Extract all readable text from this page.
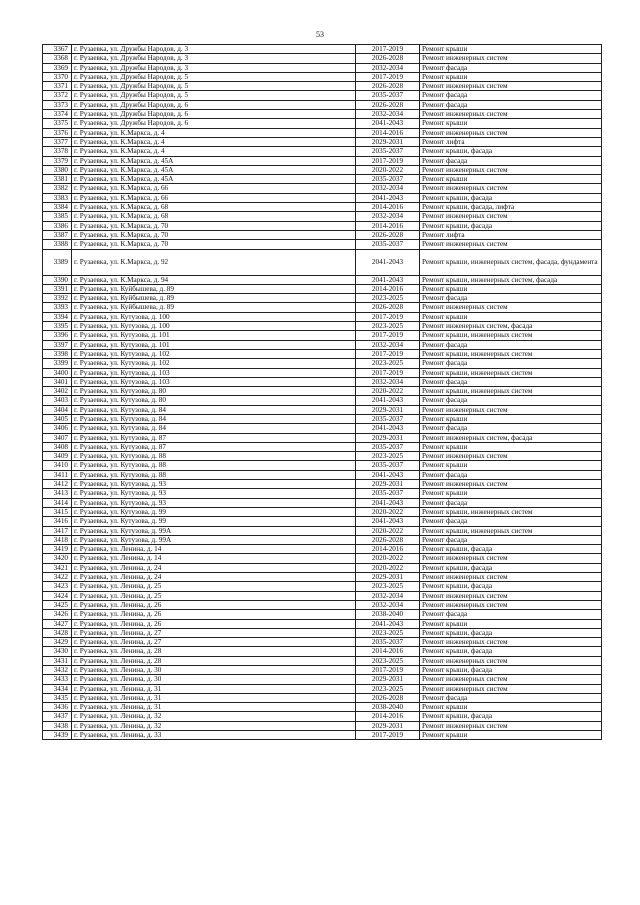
53
3367	г. Рузаевка, ул. Дружбы Народов, д. 3	2017-2019	Ремонт крыши
3368	г. Рузаевка, ул. Дружбы Народов, д. 3	2026-2028	Ремонт инженерных систем
3369	г. Рузаевка, ул. Дружбы Народов, д. 3	2032-2034	Ремонт фасада
3370	г. Рузаевка, ул. Дружбы Народов, д. 5	2017-2019	Ремонт крыши
3371	г. Рузаевка, ул. Дружбы Народов, д. 5	2026-2028	Ремонт инженерных систем
3372	г. Рузаевка, ул. Дружбы Народов, д. 5	2035-2037	Ремонт фасада
3373	г. Рузаевка, ул. Дружбы Народов, д. 6	2026-2028	Ремонт фасада
3374	г. Рузаевка, ул. Дружбы Народов, д. 6	2032-2034	Ремонт инженерных систем
3375	г. Рузаевка, ул. Дружбы Народов, д. 6	2041-2043	Ремонт крыши
3376	г. Рузаевка, ул. К.Маркса, д. 4	2014-2016	Ремонт инженерных систем
3377	г. Рузаевка, ул. К.Маркса, д. 4	2029-2031	Ремонт лифта
3378	г. Рузаевка, ул. К.Маркса, д. 4	2035-2037	Ремонт крыши, фасада
3379	г. Рузаевка, ул. К.Маркса, д. 45А	2017-2019	Ремонт фасада
3380	г. Рузаевка, ул. К.Маркса, д. 45А	2020-2022	Ремонт инженерных систем
3381	г. Рузаевка, ул. К.Маркса, д. 45А	2035-2037	Ремонт крыши
3382	г. Рузаевка, ул. К.Маркса, д. 66	2032-2034	Ремонт инженерных систем
3383	г. Рузаевка, ул. К.Маркса, д. 66	2041-2043	Ремонт крыши, фасада
3384	г. Рузаевка, ул. К.Маркса, д. 68	2014-2016	Ремонт крыши, фасада, лифта
3385	г. Рузаевка, ул. К.Маркса, д. 68	2032-2034	Ремонт инженерных систем
3386	г. Рузаевка, ул. К.Маркса, д. 70	2014-2016	Ремонт крыши, фасада
3387	г. Рузаевка, ул. К.Маркса, д. 70	2026-2028	Ремонт лифта
3388	г. Рузаевка, ул. К.Маркса, д. 70	2035-2037	Ремонт инженерных систем
3389	г. Рузаевка, ул. К.Маркса, д. 92	2041-2043	Ремонт крыши, инженерных систем, фасада, фундамента
3390	г. Рузаевка, ул. К.Маркса, д. 94	2041-2043	Ремонт крыши, инженерных систем, фасада
3391	г. Рузаевка, ул. Куйбышева, д. 89	2014-2016	Ремонт крыши
3392	г. Рузаевка, ул. Куйбышева, д. 89	2023-2025	Ремонт фасада
3393	г. Рузаевка, ул. Куйбышева, д. 89	2026-2028	Ремонт инженерных систем
3394	г. Рузаевка, ул. Кутузова, д. 100	2017-2019	Ремонт крыши
3395	г. Рузаевка, ул. Кутузова, д. 100	2023-2025	Ремонт инженерных систем, фасада
3396	г. Рузаевка, ул. Кутузова, д. 101	2017-2019	Ремонт крыши, инженерных систем
3397	г. Рузаевка, ул. Кутузова, д. 101	2032-2034	Ремонт фасада
3398	г. Рузаевка, ул. Кутузова, д. 102	2017-2019	Ремонт крыши, инженерных систем
3399	г. Рузаевка, ул. Кутузова, д. 102	2023-2025	Ремонт фасада
3400	г. Рузаевка, ул. Кутузова, д. 103	2017-2019	Ремонт крыши, инженерных систем
3401	г. Рузаевка, ул. Кутузова, д. 103	2032-2034	Ремонт фасада
3402	г. Рузаевка, ул. Кутузова, д. 80	2020-2022	Ремонт крыши, инженерных систем
3403	г. Рузаевка, ул. Кутузова, д. 80	2041-2043	Ремонт фасада
3404	г. Рузаевка, ул. Кутузова, д. 84	2029-2031	Ремонт инженерных систем
3405	г. Рузаевка, ул. Кутузова, д. 84	2035-2037	Ремонт крыши
3406	г. Рузаевка, ул. Кутузова, д. 84	2041-2043	Ремонт фасада
3407	г. Рузаевка, ул. Кутузова, д. 87	2029-2031	Ремонт инженерных систем, фасада
3408	г. Рузаевка, ул. Кутузова, д. 87	2035-2037	Ремонт крыши
3409	г. Рузаевка, ул. Кутузова, д. 88	2023-2025	Ремонт инженерных систем
3410	г. Рузаевка, ул. Кутузова, д. 88	2035-2037	Ремонт крыши
3411	г. Рузаевка, ул. Кутузова, д. 88	2041-2043	Ремонт фасада
3412	г. Рузаевка, ул. Кутузова, д. 93	2029-2031	Ремонт инженерных систем
3413	г. Рузаевка, ул. Кутузова, д. 93	2035-2037	Ремонт крыши
3414	г. Рузаевка, ул. Кутузова, д. 93	2041-2043	Ремонт фасада
3415	г. Рузаевка, ул. Кутузова, д. 99	2020-2022	Ремонт крыши, инженерных систем
3416	г. Рузаевка, ул. Кутузова, д. 99	2041-2043	Ремонт фасада
3417	г. Рузаевка, ул. Кутузова, д. 99А	2020-2022	Ремонт крыши, инженерных систем
3418	г. Рузаевка, ул. Кутузова, д. 99А	2026-2028	Ремонт фасада
3419	г. Рузаевка, ул. Ленина, д. 14	2014-2016	Ремонт крыши, фасада
3420	г. Рузаевка, ул. Ленина, д. 14	2020-2022	Ремонт инженерных систем
3421	г. Рузаевка, ул. Ленина, д. 24	2020-2022	Ремонт крыши, фасада
3422	г. Рузаевка, ул. Ленина, д. 24	2029-2031	Ремонт инженерных систем
3423	г. Рузаевка, ул. Ленина, д. 25	2023-2025	Ремонт крыши, фасада
3424	г. Рузаевка, ул. Ленина, д. 25	2032-2034	Ремонт инженерных систем
3425	г. Рузаевка, ул. Ленина, д. 26	2032-2034	Ремонт инженерных систем
3426	г. Рузаевка, ул. Ленина, д. 26	2038-2040	Ремонт фасада
3427	г. Рузаевка, ул. Ленина, д. 26	2041-2043	Ремонт крыши
3428	г. Рузаевка, ул. Ленина, д. 27	2023-2025	Ремонт крыши, фасада
3429	г. Рузаевка, ул. Ленина, д. 27	2035-2037	Ремонт инженерных систем
3430	г. Рузаевка, ул. Ленина, д. 28	2014-2016	Ремонт крыши, фасада
3431	г. Рузаевка, ул. Ленина, д. 28	2023-2025	Ремонт инженерных систем
3432	г. Рузаевка, ул. Ленина, д. 30	2017-2019	Ремонт крыши, фасада
3433	г. Рузаевка, ул. Ленина, д. 30	2029-2031	Ремонт инженерных систем
3434	г. Рузаевка, ул. Ленина, д. 31	2023-2025	Ремонт инженерных систем
3435	г. Рузаевка, ул. Ленина, д. 31	2026-2028	Ремонт фасада
3436	г. Рузаевка, ул. Ленина, д. 31	2038-2040	Ремонт крыши
3437	г. Рузаевка, ул. Ленина, д. 32	2014-2016	Ремонт крыши, фасада
3438	г. Рузаевка, ул. Ленина, д. 32	2029-2031	Ремонт инженерных систем
3439	г. Рузаевка, ул. Ленина, д. 33	2017-2019	Ремонт крыши
